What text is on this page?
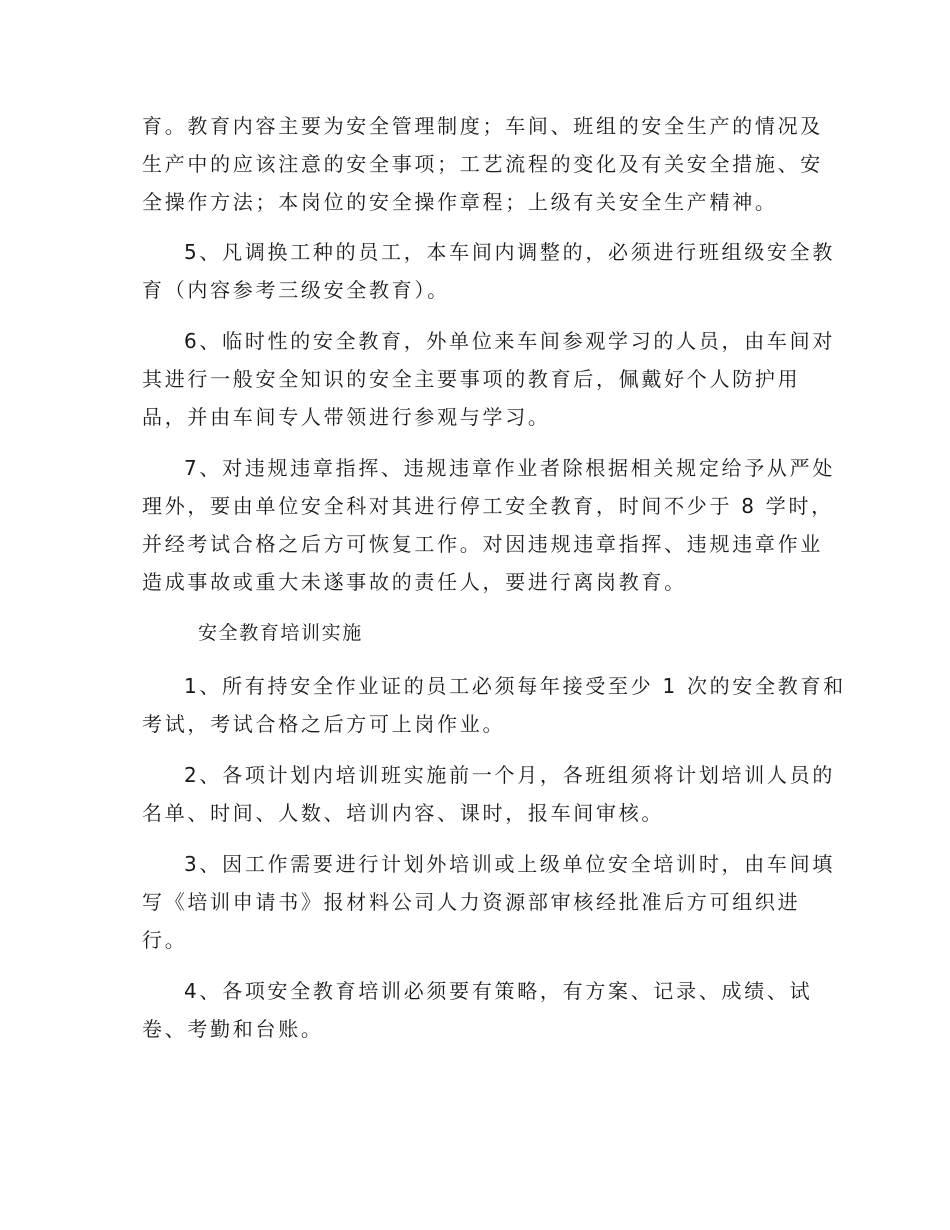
育。教育内容主要为安全管理制度；车间、班组的安全生产的情况及
生产中的应该注意的安全事项；工艺流程的变化及有关安全措施、安
全操作方法；本岗位的安全操作章程；上级有关安全生产精神。
5、凡调换工种的员工，本车间内调整的，必须进行班组级安全教
育（内容参考三级安全教育）。
6、临时性的安全教育，外单位来车间参观学习的人员，由车间对
其进行一般安全知识的安全主要事项的教育后，佩戴好个人防护用
品，并由车间专人带领进行参观与学习。
7、对违规违章指挥、违规违章作业者除根据相关规定给予从严处
理外，要由单位安全科对其进行停工安全教育，时间不少于 8 学时，
并经考试合格之后方可恢复工作。对因违规违章指挥、违规违章作业
造成事故或重大未遂事故的责任人，要进行离岗教育。
安全教育培训实施
1、所有持安全作业证的员工必须每年接受至少 1 次的安全教育和
考试，考试合格之后方可上岗作业。
2、各项计划内培训班实施前一个月，各班组须将计划培训人员的
名单、时间、人数、培训内容、课时，报车间审核。
3、因工作需要进行计划外培训或上级单位安全培训时，由车间填
写《培训申请书》报材料公司人力资源部审核经批准后方可组织进
行。
4、各项安全教育培训必须要有策略，有方案、记录、成绩、试
卷、考勤和台账。
